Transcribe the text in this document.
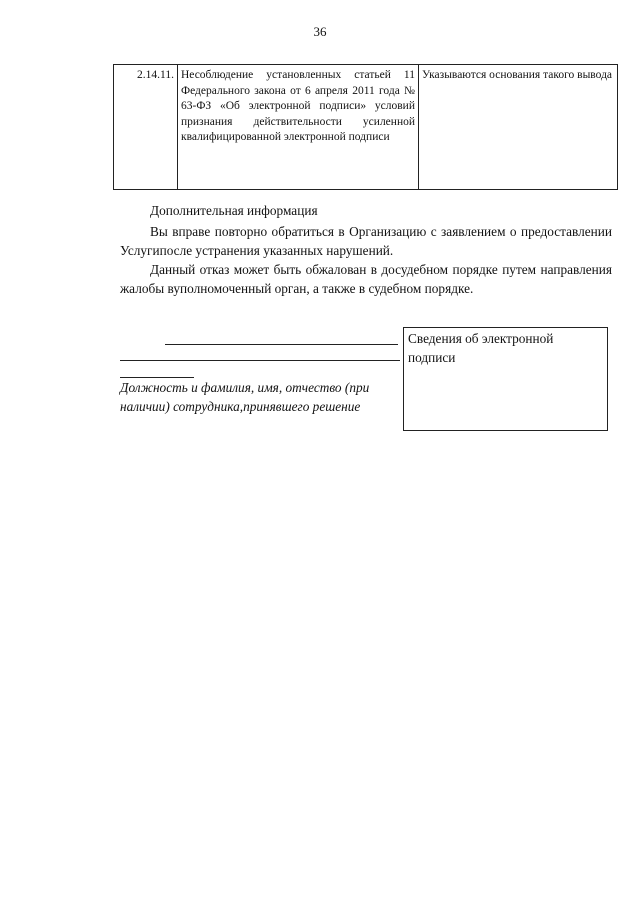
36
2.14.11.	Несоблюдение установленных статьей 11 Федерального закона от 6 апреля 2011 года № 63-ФЗ «Об электронной подписи» условий признания действительности усиленной квалифицированной электронной подписи	Указываются основания такого вывода
Дополнительная информация
Вы вправе повторно обратиться в Организацию с заявлением о предоставлении Услугипосле устранения указанных нарушений.
Данный отказ может быть обжалован в досудебном порядке путем направления жалобы вуполномоченный орган, а также в судебном порядке.
Должность и фамилия, имя, отчество (при наличии) сотрудника,принявшего решение
Сведения об электронной подписи
